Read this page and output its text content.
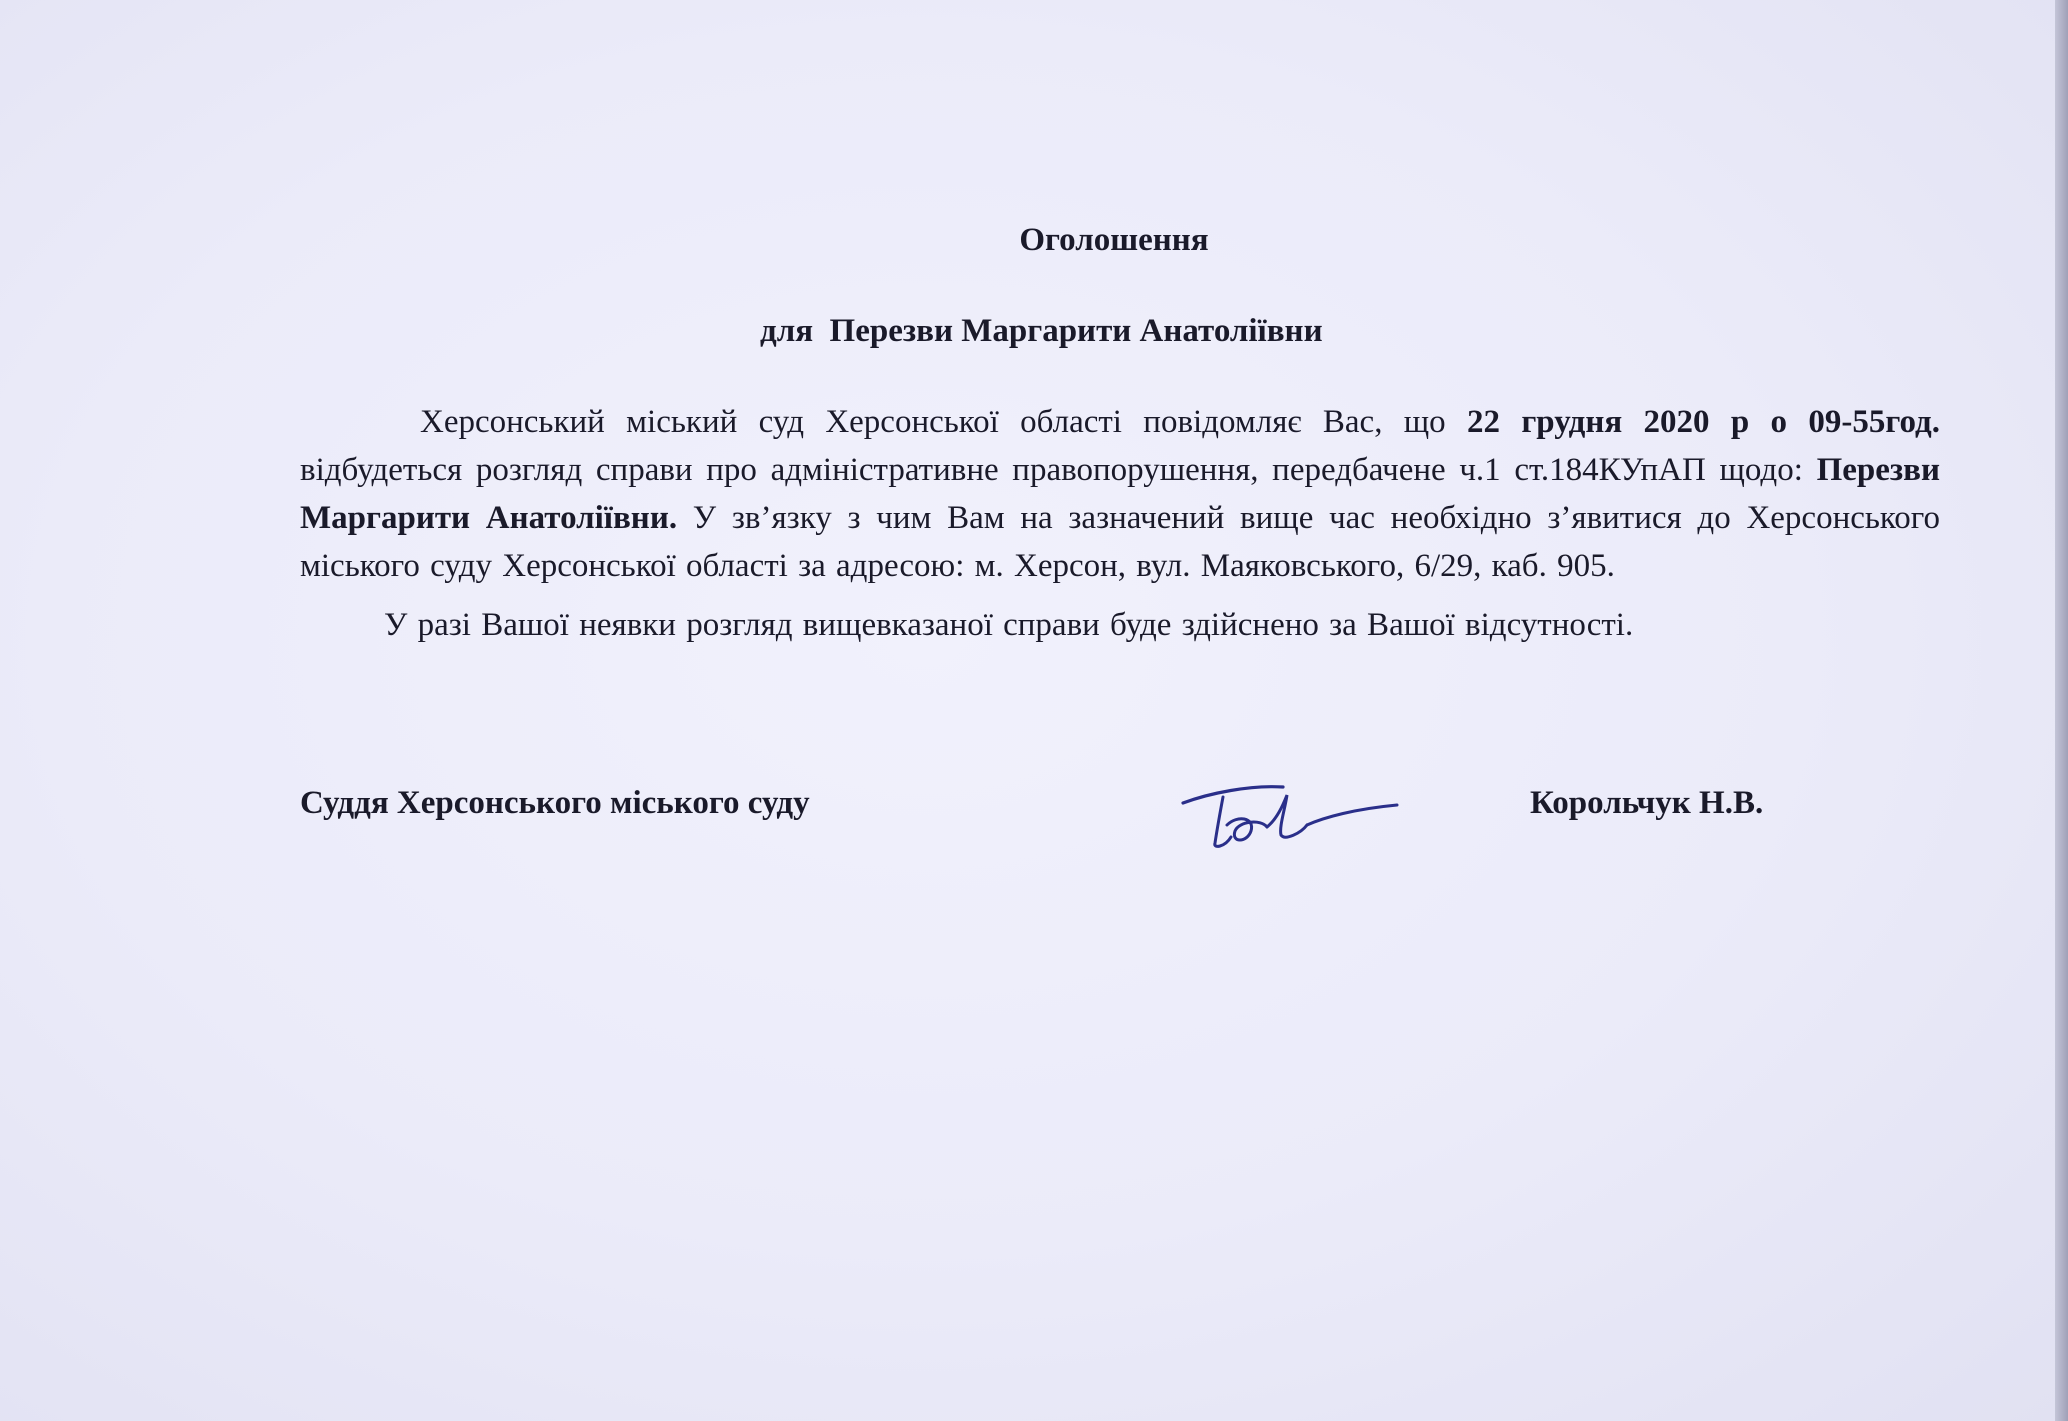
Оголошення
для  Перезви Маргарити Анатоліївни

Херсонський міський суд Херсонської області повідомляє Вас, що 22 грудня 2020 р о 09-55год. відбудеться розгляд справи про адміністративне правопорушення, передбачене ч.1 ст.184КУпАП щодо: Перезви Маргарити Анатоліївни. У зв’язку з чим Вам на зазначений вище час необхідно з’явитися до Херсонського міського суду Херсонської області за адресою: м. Херсон, вул. Маяковського, 6/29, каб. 905.

У разі Вашої неявки розгляд вищевказаної справи буде здійснено за Вашої відсутності.

Суддя Херсонського міського суду	Корольчук Н.В.
